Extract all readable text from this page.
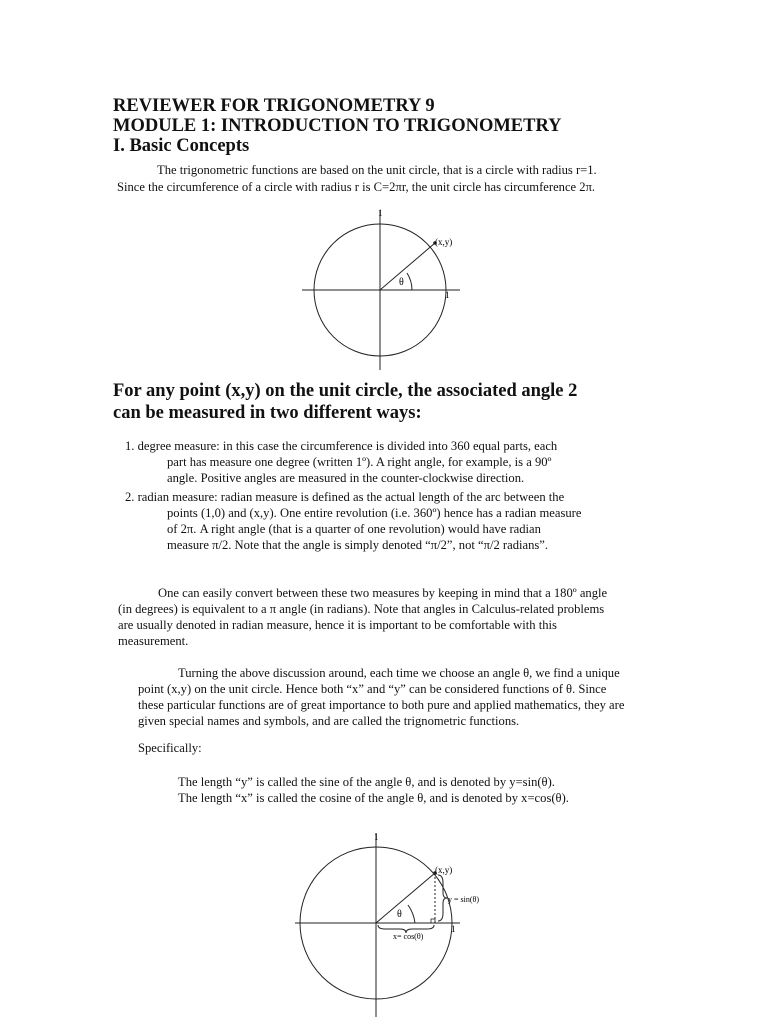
REVIEWER FOR TRIGONOMETRY 9
MODULE 1: INTRODUCTION TO TRIGONOMETRY
I. Basic Concepts
The trigonometric functions are based on the unit circle, that is a circle with radius r=1.
Since the circumference of a circle with radius r is C=2πr, the unit circle has circumference 2π.
1
1
(x,y)
θ
For any point (x,y) on the unit circle, the associated angle 2
can be measured in two different ways:
1. degree measure: in this case the circumference is divided into 360 equal parts, each
part has measure one degree (written 1º). A right angle, for example, is a 90º
angle. Positive angles are measured in the counter-clockwise direction.
2. radian measure: radian measure is defined as the actual length of the arc between the
points (1,0) and (x,y). One entire revolution (i.e. 360º) hence has a radian measure
of 2π. A right angle (that is a quarter of one revolution) would have radian
measure π/2. Note that the angle is simply denoted “π/2”, not “π/2 radians”.
One can easily convert between these two measures by keeping in mind that a 180º angle
(in degrees) is equivalent to a π angle (in radians). Note that angles in Calculus-related problems
are usually denoted in radian measure, hence it is important to be comfortable with this
measurement.
Turning the above discussion around, each time we choose an angle θ, we find a unique
point (x,y) on the unit circle. Hence both “x” and “y” can be considered functions of θ. Since
these particular functions are of great importance to both pure and applied mathematics, they are
given special names and symbols, and are called the trignometric functions.
Specifically:
The length “y” is called the sine of the angle θ, and is denoted by y=sin(θ).
The length “x” is called the cosine of the angle θ, and is denoted by x=cos(θ).
1
1
(x,y)
θ
y = sin(θ)
x= cos(θ)
